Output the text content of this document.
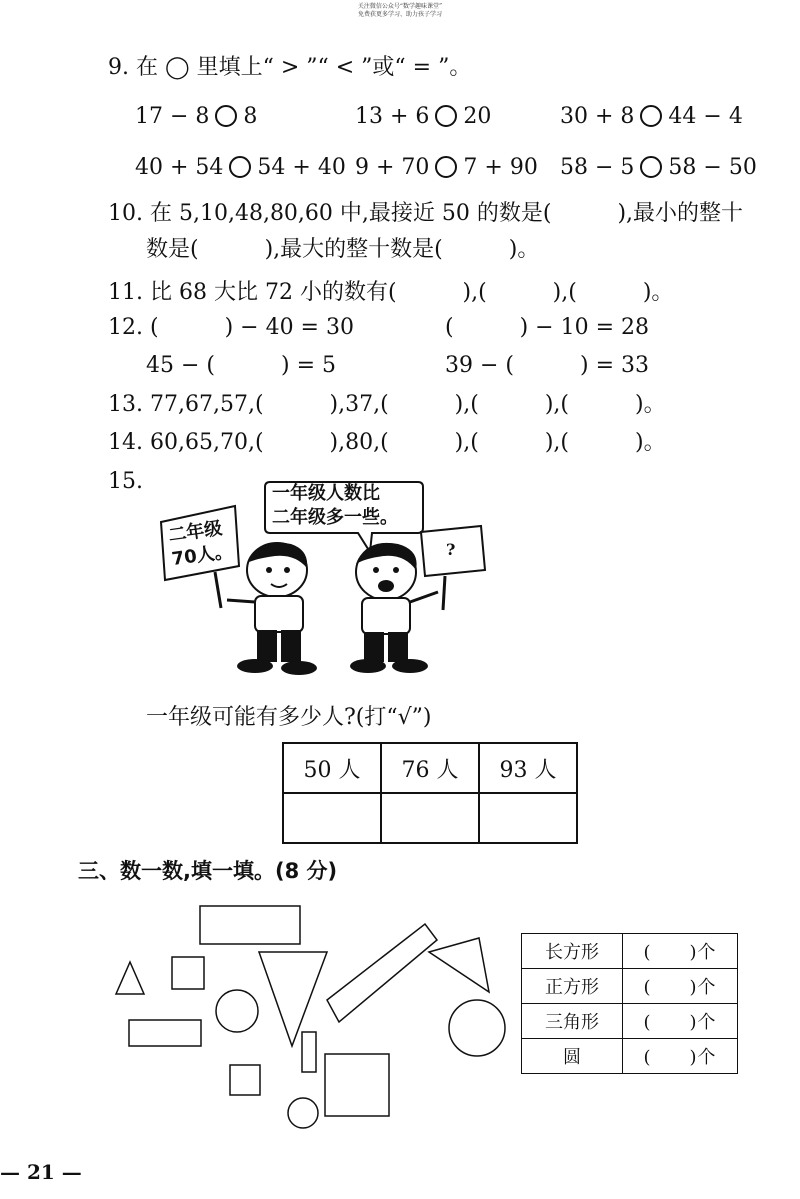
关注微信公众号“数学趣味课堂”
免费获更多学习、助力孩子学习
9. 在 ◯ 里填上“ > ”“ < ”或“ = ”。
17 − 8 8	13 + 6 20	30 + 8 44 − 4
40 + 54 54 + 40 9 + 70 7 + 90 58 − 5 58 − 50
10. 在 5,10,48,80,60 中,最接近 50 的数是(　　　),最小的整十
数是(　　　),最大的整十数是(　　　)。
11. 比 68 大比 72 小的数有(　　　),(　　　),(　　　)。
12. (　　　) − 40 = 30	(　　　) − 10 = 28
45 − (　　　) = 5	39 − (　　　) = 33
13. 77,67,57,(　　　),37,(　　　),(　　　),(　　　)。
14. 60,65,70,(　　　),80,(　　　),(　　　),(　　　)。
15.	一年级人数比
二年级多一些。
二年级
70人。	?
一年级可能有多少人?(打“√”)
50 人	76 人	93 人

三、数一数,填一填。(8 分)
长方形	(　　)个
正方形	(　　)个
三角形	(　　)个
圆	(　　)个
— 21 —
